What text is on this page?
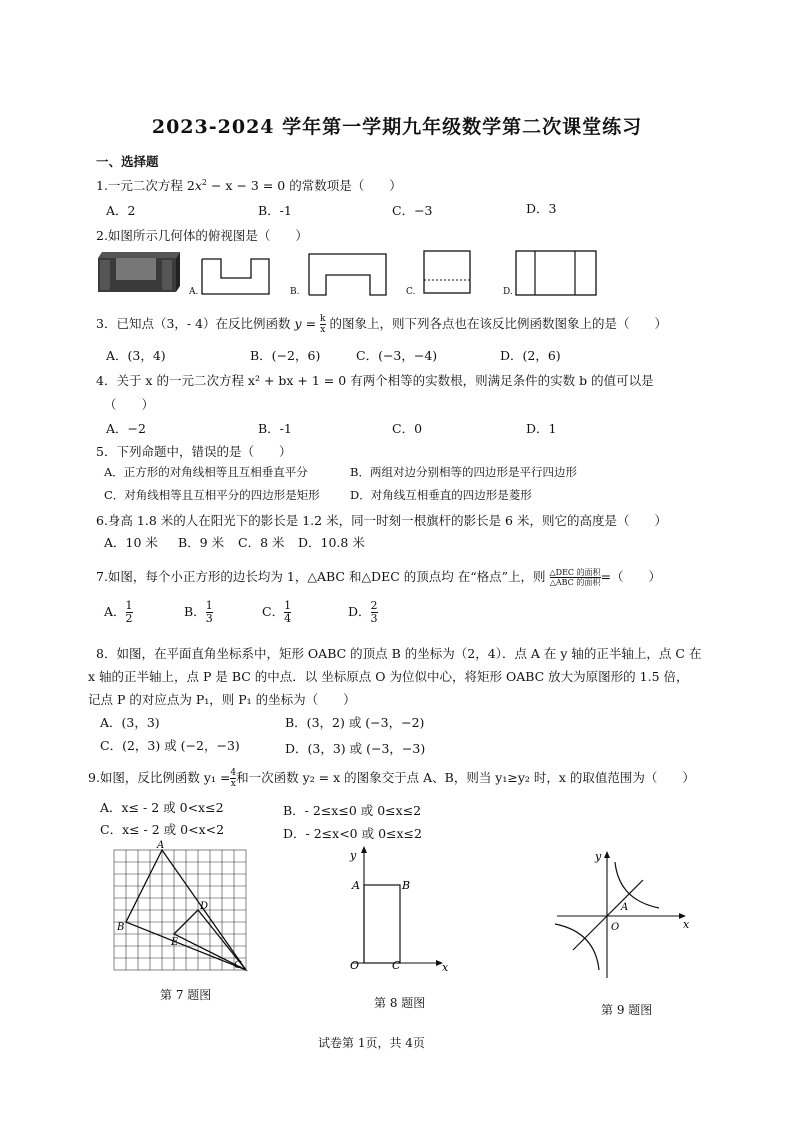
2023-2024 学年第一学期九年级数学第二次课堂练习
一、选择题
1.一元二次方程 $2x^2 - x - 3 = 0$ 的常数项是（　　）
A．2	B．-1	C．−3	D．3
2.如图所示几何体的俯视图是（　　）
A.	B.	C.	D.
3．已知点（3，- 4）在反比例函数 $y = \frac{k}{x}$ 的图象上，则下列各点也在该反比例函数图象上的是（　　）
A．(3，4)	B．(−2，6)	C．(−3，−4)	D．(2，6)
4．关于 x 的一元二次方程 x² + bx + 1 = 0 有两个相等的实数根，则满足条件的实数 b 的值可以是
（　　）
A．−2	B．-1	C．0	D．1
5．下列命题中，错误的是（　　）
A．正方形的对角线相等且互相垂直平分	B．两组对边分别相等的四边形是平行四边形
C．对角线相等且互相平分的四边形是矩形	D．对角线互相垂直的四边形是菱形
6.身高 1.8 米的人在阳光下的影长是 1.2 米，同一时刻一根旗杆的影长是 6 米，则它的高度是（　　）
A．10 米 B．9 米 C．8 米 D．10.8 米
7.如图，每个小正方形的边长均为 1，△ABC 和△DEC 的顶点均 在“格点”上，则 $\frac{\text{△DEC 的面积}}{\text{△ABC 的面积}}$ =（　　）
A． $\frac{1}{2}$	B． $\frac{1}{3}$	C． $\frac{1}{4}$	D． $\frac{2}{3}$
8．如图，在平面直角坐标系中，矩形 OABC 的顶点 B 的坐标为（2，4）．点 A 在 y 轴的正半轴上，点 C 在
x 轴的正半轴上，点 P 是 BC 的中点．以 坐标原点 O 为位似中心，将矩形 OABC 放大为原图形的 1.5 倍，
记点 P 的对应点为 P₁，则 P₁ 的坐标为（　　）
A．(3，3)	B．(3，2) 或 (−3，−2)
C．(2，3) 或 (−2，−3)	D．(3，3) 或 (−3，−3)
9.如图，反比例函数 $y_1 = \frac{4}{x}$ 和一次函数 y₂ = x 的图象交于点 A、B，则当 y₁≥y₂ 时，x 的取值范围为（　　）
A．x≤ - 2 或 0<x≤2	B．- 2≤x≤0 或 0≤x≤2
C．x≤ - 2 或 0<x<2	D．- 2≤x<0 或 0≤x≤2
A
B
C
D
E
第 7 题图
y
A	B
O	C	x
第 8 题图
y
A
O	x
第 9 题图
试卷第 1页，共 4页
